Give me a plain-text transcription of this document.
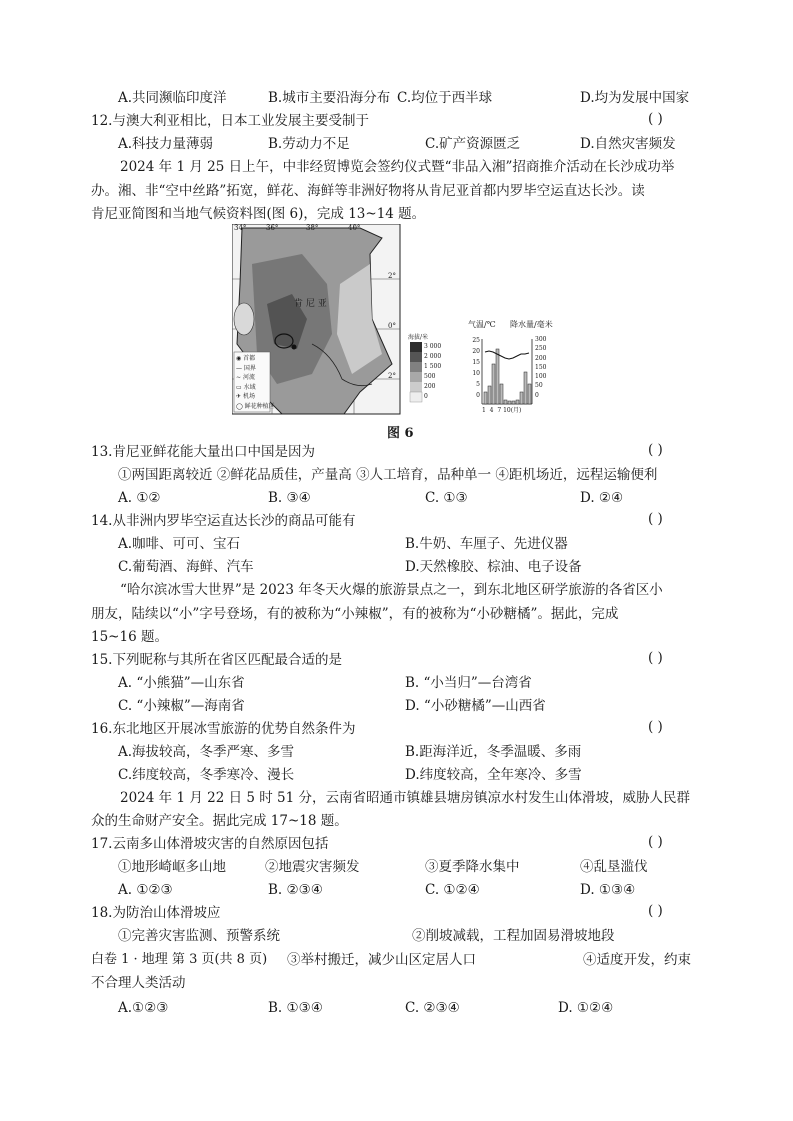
A.共同濒临印度洋	B.城市主要沿海分布 C.均位于西半球	D.均为发展中国家
12.与澳大利亚相比，日本工业发展主要受制于	( )
A.科技力量薄弱	B.劳动力不足	C.矿产资源匮乏	D.自然灾害频发
2024 年 1 月 25 日上午，中非经贸博览会签约仪式暨“非品入湘”招商推介活动在长沙成功举
办。湘、非“空中丝路”拓宽，鲜花、海鲜等非洲好物将从肯尼亚首都内罗毕空运直达长沙。读
肯尼亚简图和当地气候资料图(图 6)，完成 13~14 题。
34°	36°	38°	40°
2°
0°
2°
肯 尼 亚
◉ 首都
— 国界
∼ 河流
▭ 水域
✈ 机场
◯ 鲜花种植区
海拔/米
3 000
2 000
1 500
500
200
0
气温/℃ 降水量/毫米
25
20
15
10
5
0
300
250
200
150
100
50
0
1 4 7 10(月)
图 6
13.肯尼亚鲜花能大量出口中国是因为	( )
①两国距离较近 ②鲜花品质佳，产量高 ③人工培育，品种单一 ④距机场近，远程运输便利
A. ①②	B. ③④	C. ①③	D. ②④
14.从非洲内罗毕空运直达长沙的商品可能有	( )
A.咖啡、可可、宝石	B.牛奶、车厘子、先进仪器
C.葡萄酒、海鲜、汽车	D.天然橡胶、棕油、电子设备
“哈尔滨冰雪大世界”是 2023 年冬天火爆的旅游景点之一，到东北地区研学旅游的各省区小
朋友，陆续以“小”字号登场，有的被称为“小辣椒”，有的被称为“小砂糖橘”。据此，完成
15~16 题。
15.下列昵称与其所在省区匹配最合适的是	( )
A. “小熊猫”—山东省	B. “小当归”—台湾省
C. “小辣椒”—海南省	D. “小砂糖橘”—山西省
16.东北地区开展冰雪旅游的优势自然条件为	( )
A.海拔较高，冬季严寒、多雪	B.距海洋近，冬季温暖、多雨
C.纬度较高，冬季寒冷、漫长	D.纬度较高，全年寒冷、多雪
2024 年 1 月 22 日 5 时 51 分，云南省昭通市镇雄县塘房镇凉水村发生山体滑坡，威胁人民群
众的生命财产安全。据此完成 17~18 题。
17.云南多山体滑坡灾害的自然原因包括	( )
①地形崎岖多山地	②地震灾害频发	③夏季降水集中	④乱垦滥伐
A. ①②③	B. ②③④	C. ①②④	D. ①③④
18.为防治山体滑坡应	( )
①完善灾害监测、预警系统	②削坡减载，工程加固易滑坡地段
白卷 1 · 地理 第 3 页(共 8 页) ③举村搬迁，减少山区定居人口	④适度开发，约束
不合理人类活动
A.①②③	B. ①③④	C. ②③④	D. ①②④
